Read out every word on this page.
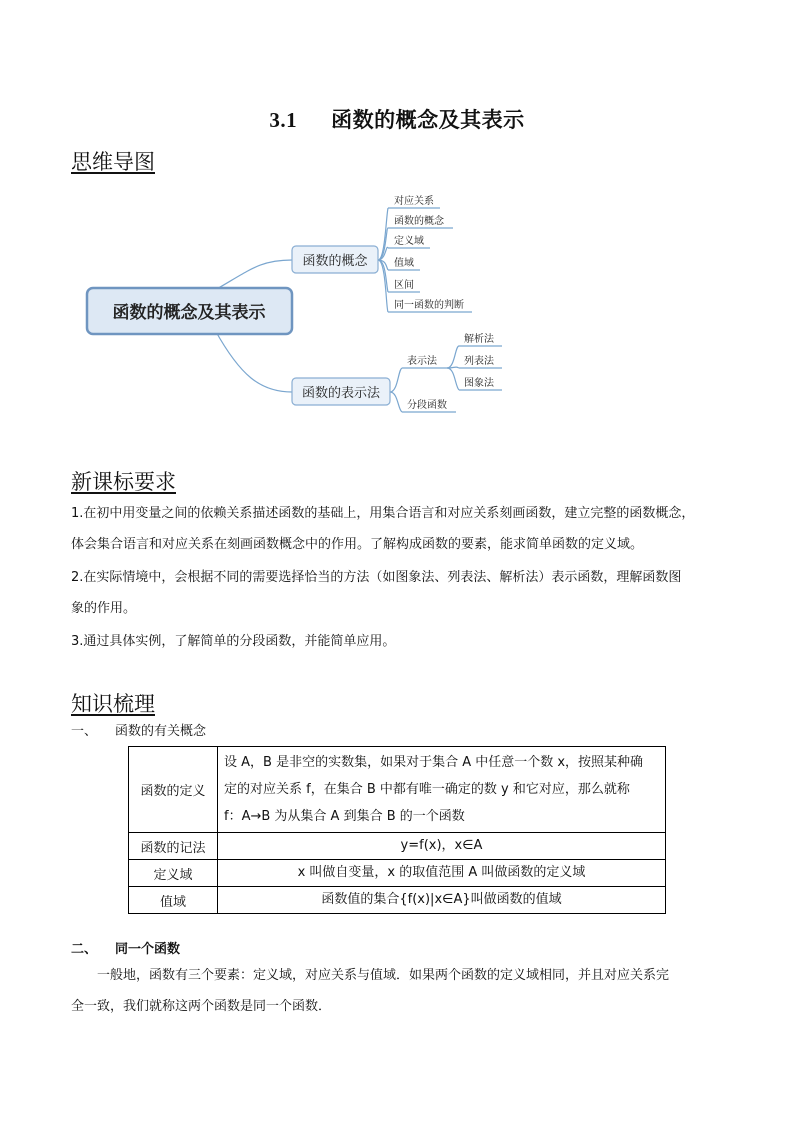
3.1 函数的概念及其表示
思维导图
函数的概念及其表示
函数的概念
函数的表示法
对应关系
函数的概念
定义域
值域
区间
同一函数的判断
表示法
分段函数
解析法
列表法
图象法
新课标要求
1.在初中用变量之间的依赖关系描述函数的基础上，用集合语言和对应关系刻画函数，建立完整的函数概念，
体会集合语言和对应关系在刻画函数概念中的作用。了解构成函数的要素，能求简单函数的定义域。
2.在实际情境中，会根据不同的需要选择恰当的方法（如图象法、列表法、解析法）表示函数，理解函数图
象的作用。
3.通过具体实例，了解简单的分段函数，并能简单应用。
知识梳理
一、 函数的有关概念
函数的定义	设 A，B 是非空的实数集，如果对于集合 A 中任意一个数 x，按照某种确
定的对应关系 f，在集合 B 中都有唯一确定的数 y 和它对应，那么就称
f：A→B 为从集合 A 到集合 B 的一个函数

函数的记法	y=f(x)，x∈A
定义域	x 叫做自变量，x 的取值范围 A 叫做函数的定义域
值域	函数值的集合{f(x)|x∈A}叫做函数的值域
二、 同一个函数
一般地，函数有三个要素：定义域，对应关系与值域．如果两个函数的定义域相同，并且对应关系完
全一致，我们就称这两个函数是同一个函数．
